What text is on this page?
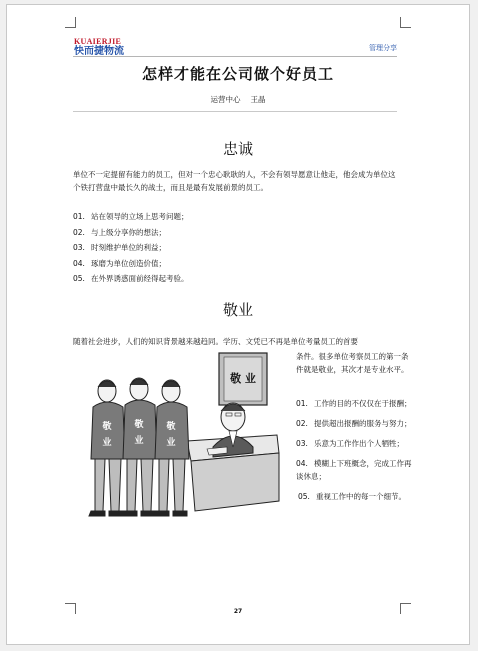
KUAIERJIE
快而捷物流	管理分享
怎样才能在公司做个好员工
运营中心 王晶
忠诚
单位不一定提留有能力的员工，但对一个忠心耿耿的人，不会有领导愿意让他走，他会成为单位这个铁打营盘中最长久的战士，而且是最有发展前景的员工。
01. 站在领导的立场上思考问题；
02. 与上级分享你的想法；
03. 时刻维护单位的利益；
04. 琢磨为单位创造价值；
05. 在外界诱惑面前经得起考验。
敬业
随着社会进步，人们的知识背景越来越趋同。学历、文凭已不再是单位考量员工的首要
条件。很多单位考察员工的第一条件就是敬业，其次才是专业水平。
敬 业
敬
业
敬
业
敬
业
01. 工作的目的不仅仅在于报酬；
02. 提供超出报酬的服务与努力；
03. 乐意为工作作出个人牺牲；
04. 模糊上下班概念，完成工作再谈休息；
05. 重视工作中的每一个细节。
27
